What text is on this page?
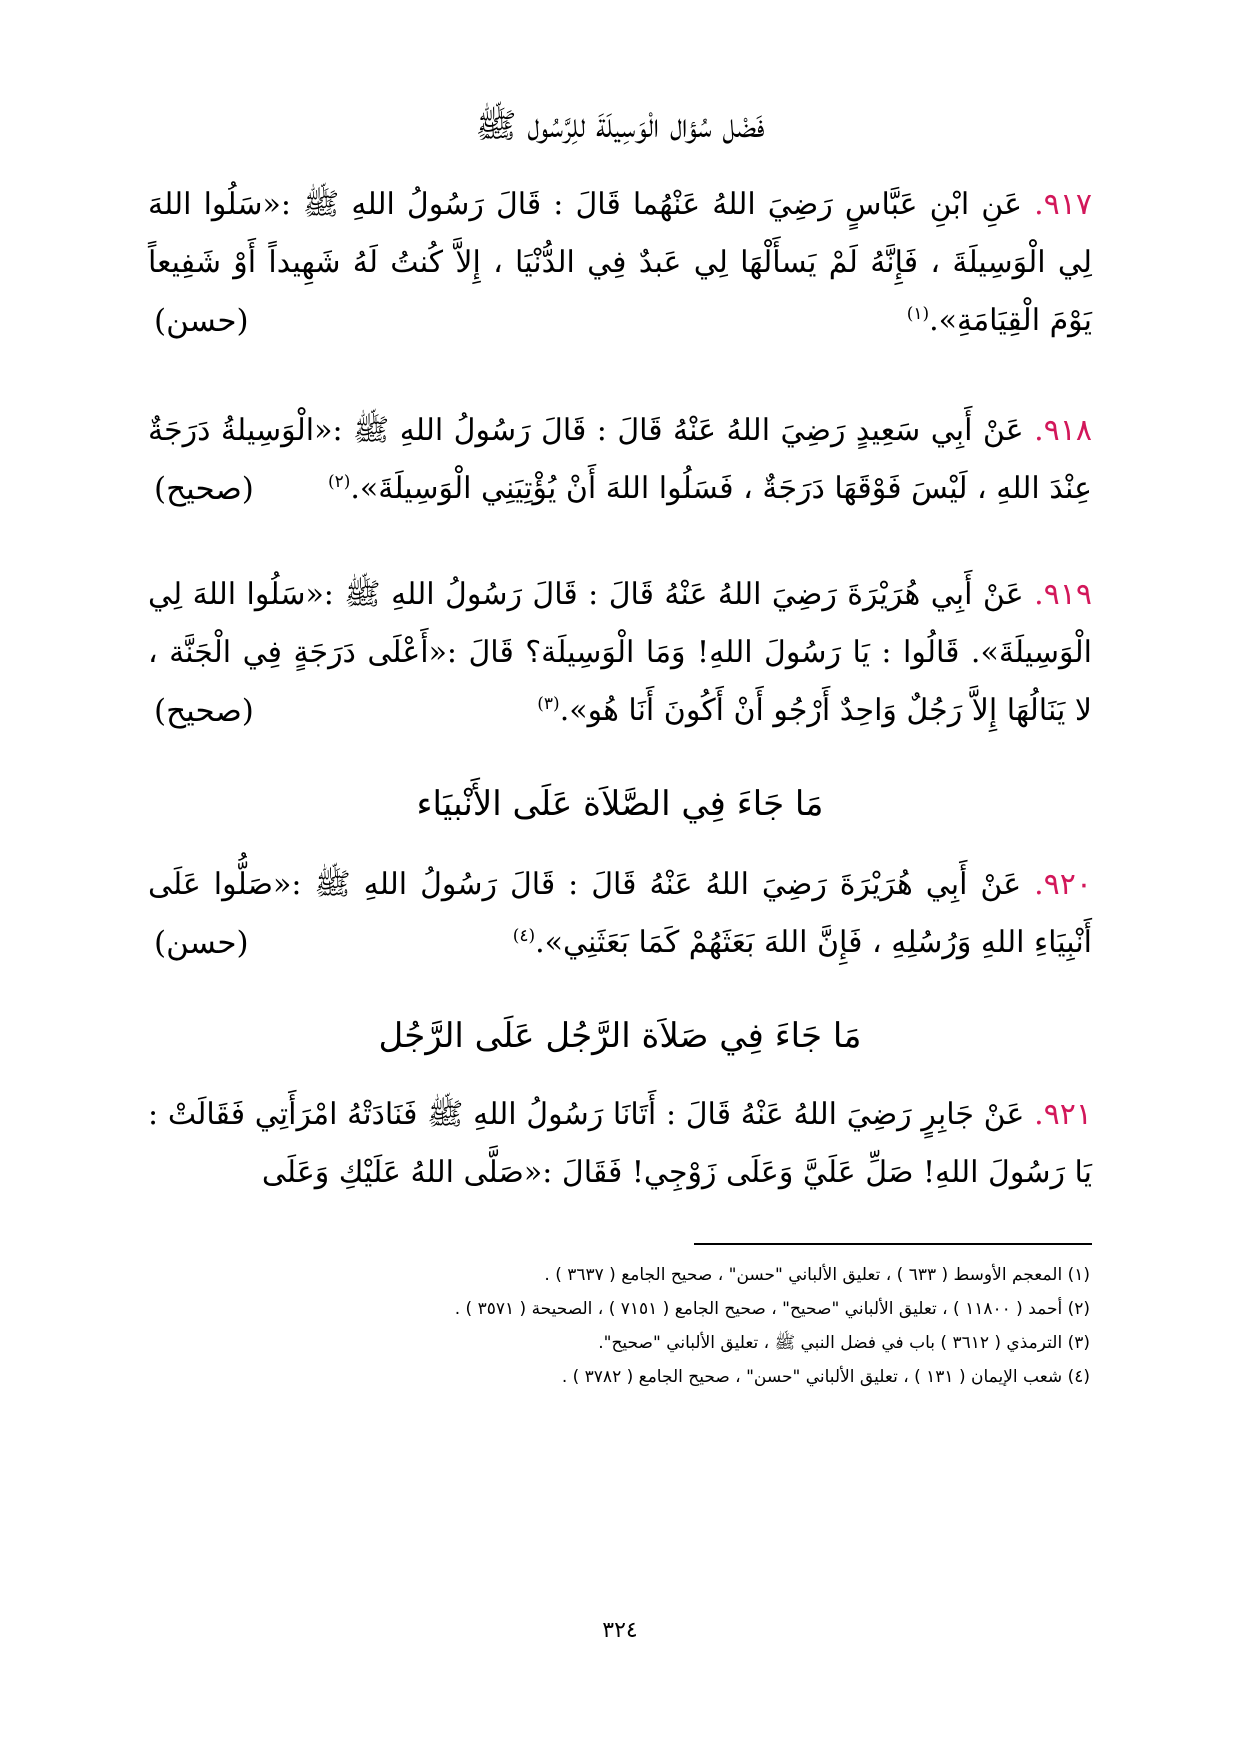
فَضْل سُؤال الْوَسِيلَةَ للِرَّسُول ﷺ
٩١٧. عَنِ ابْنِ عَبَّاسٍ رَضِيَ اللهُ عَنْهُما قَالَ : قَالَ رَسُولُ اللهِ ﷺ :«سَلُوا اللهَ لِي الْوَسِيلَةَ ، فَإِنَّهُ لَمْ يَسأَلْهَا لِي عَبدٌ فِي الدُّنْيَا ، إِلاَّ كُنتُ لَهُ شَهِيداً أَوْ شَفِيعاً يَوْمَ الْقِيَامَةِ».$^{(١)}$
(حسن)
٩١٨. عَنْ أَبِي سَعِيدٍ رَضِيَ اللهُ عَنْهُ قَالَ : قَالَ رَسُولُ اللهِ ﷺ :«الْوَسِيلةُ دَرَجَةٌ عِنْدَ اللهِ ، لَيْسَ فَوْقَهَا دَرَجَةٌ ، فَسَلُوا اللهَ أَنْ يُؤْتِيَنِي الْوَسِيلَةَ».$^{(٢)}$
(صحيح)
٩١٩. عَنْ أَبِي هُرَيْرَةَ رَضِيَ اللهُ عَنْهُ قَالَ : قَالَ رَسُولُ اللهِ ﷺ :«سَلُوا اللهَ لِي الْوَسِيلَةَ». قَالُوا : يَا رَسُولَ اللهِ! وَمَا الْوَسِيلَة؟ قَالَ :«أَعْلَى دَرَجَةٍ فِي الْجَنَّة ، لا يَنَالُهَا إِلاَّ رَجُلٌ وَاحِدٌ أَرْجُو أَنْ أَكُونَ أَنَا هُو».$^{(٣)}$
(صحيح)
مَا جَاءَ فِي الصَّلاَة عَلَى الأَنْبيَاء
٩٢٠. عَنْ أَبِي هُرَيْرَةَ رَضِيَ اللهُ عَنْهُ قَالَ : قَالَ رَسُولُ اللهِ ﷺ :«صَلُّوا عَلَى أَنْبِيَاءِ اللهِ وَرُسُلِهِ ، فَإِنَّ اللهَ بَعَثَهُمْ كَمَا بَعَثَنِي».$^{(٤)}$
(حسن)
مَا جَاءَ فِي صَلاَة الرَّجُل عَلَى الرَّجُل
٩٢١. عَنْ جَابِرٍ رَضِيَ اللهُ عَنْهُ قَالَ : أَتَانَا رَسُولُ اللهِ ﷺ فَنَادَتْهُ امْرَأَتِي فَقَالَتْ : يَا رَسُولَ اللهِ! صَلِّ عَلَيَّ وَعَلَى زَوْجِي! فَقَالَ :«صَلَّى اللهُ عَلَيْكِ وَعَلَى
(١) المعجم الأوسط ( ٦٣٣ ) ، تعليق الألباني "حسن" ، صحيح الجامع ( ٣٦٣٧ ) .
(٢) أحمد ( ١١٨٠٠ ) ، تعليق الألباني "صحيح" ، صحيح الجامع ( ٧١٥١ ) ، الصحيحة ( ٣٥٧١ ) .
(٣) الترمذي ( ٣٦١٢ ) باب في فضل النبي ﷺ ، تعليق الألباني "صحيح".
(٤) شعب الإيمان ( ١٣١ ) ، تعليق الألباني "حسن" ، صحيح الجامع ( ٣٧٨٢ ) .
٣٢٤
